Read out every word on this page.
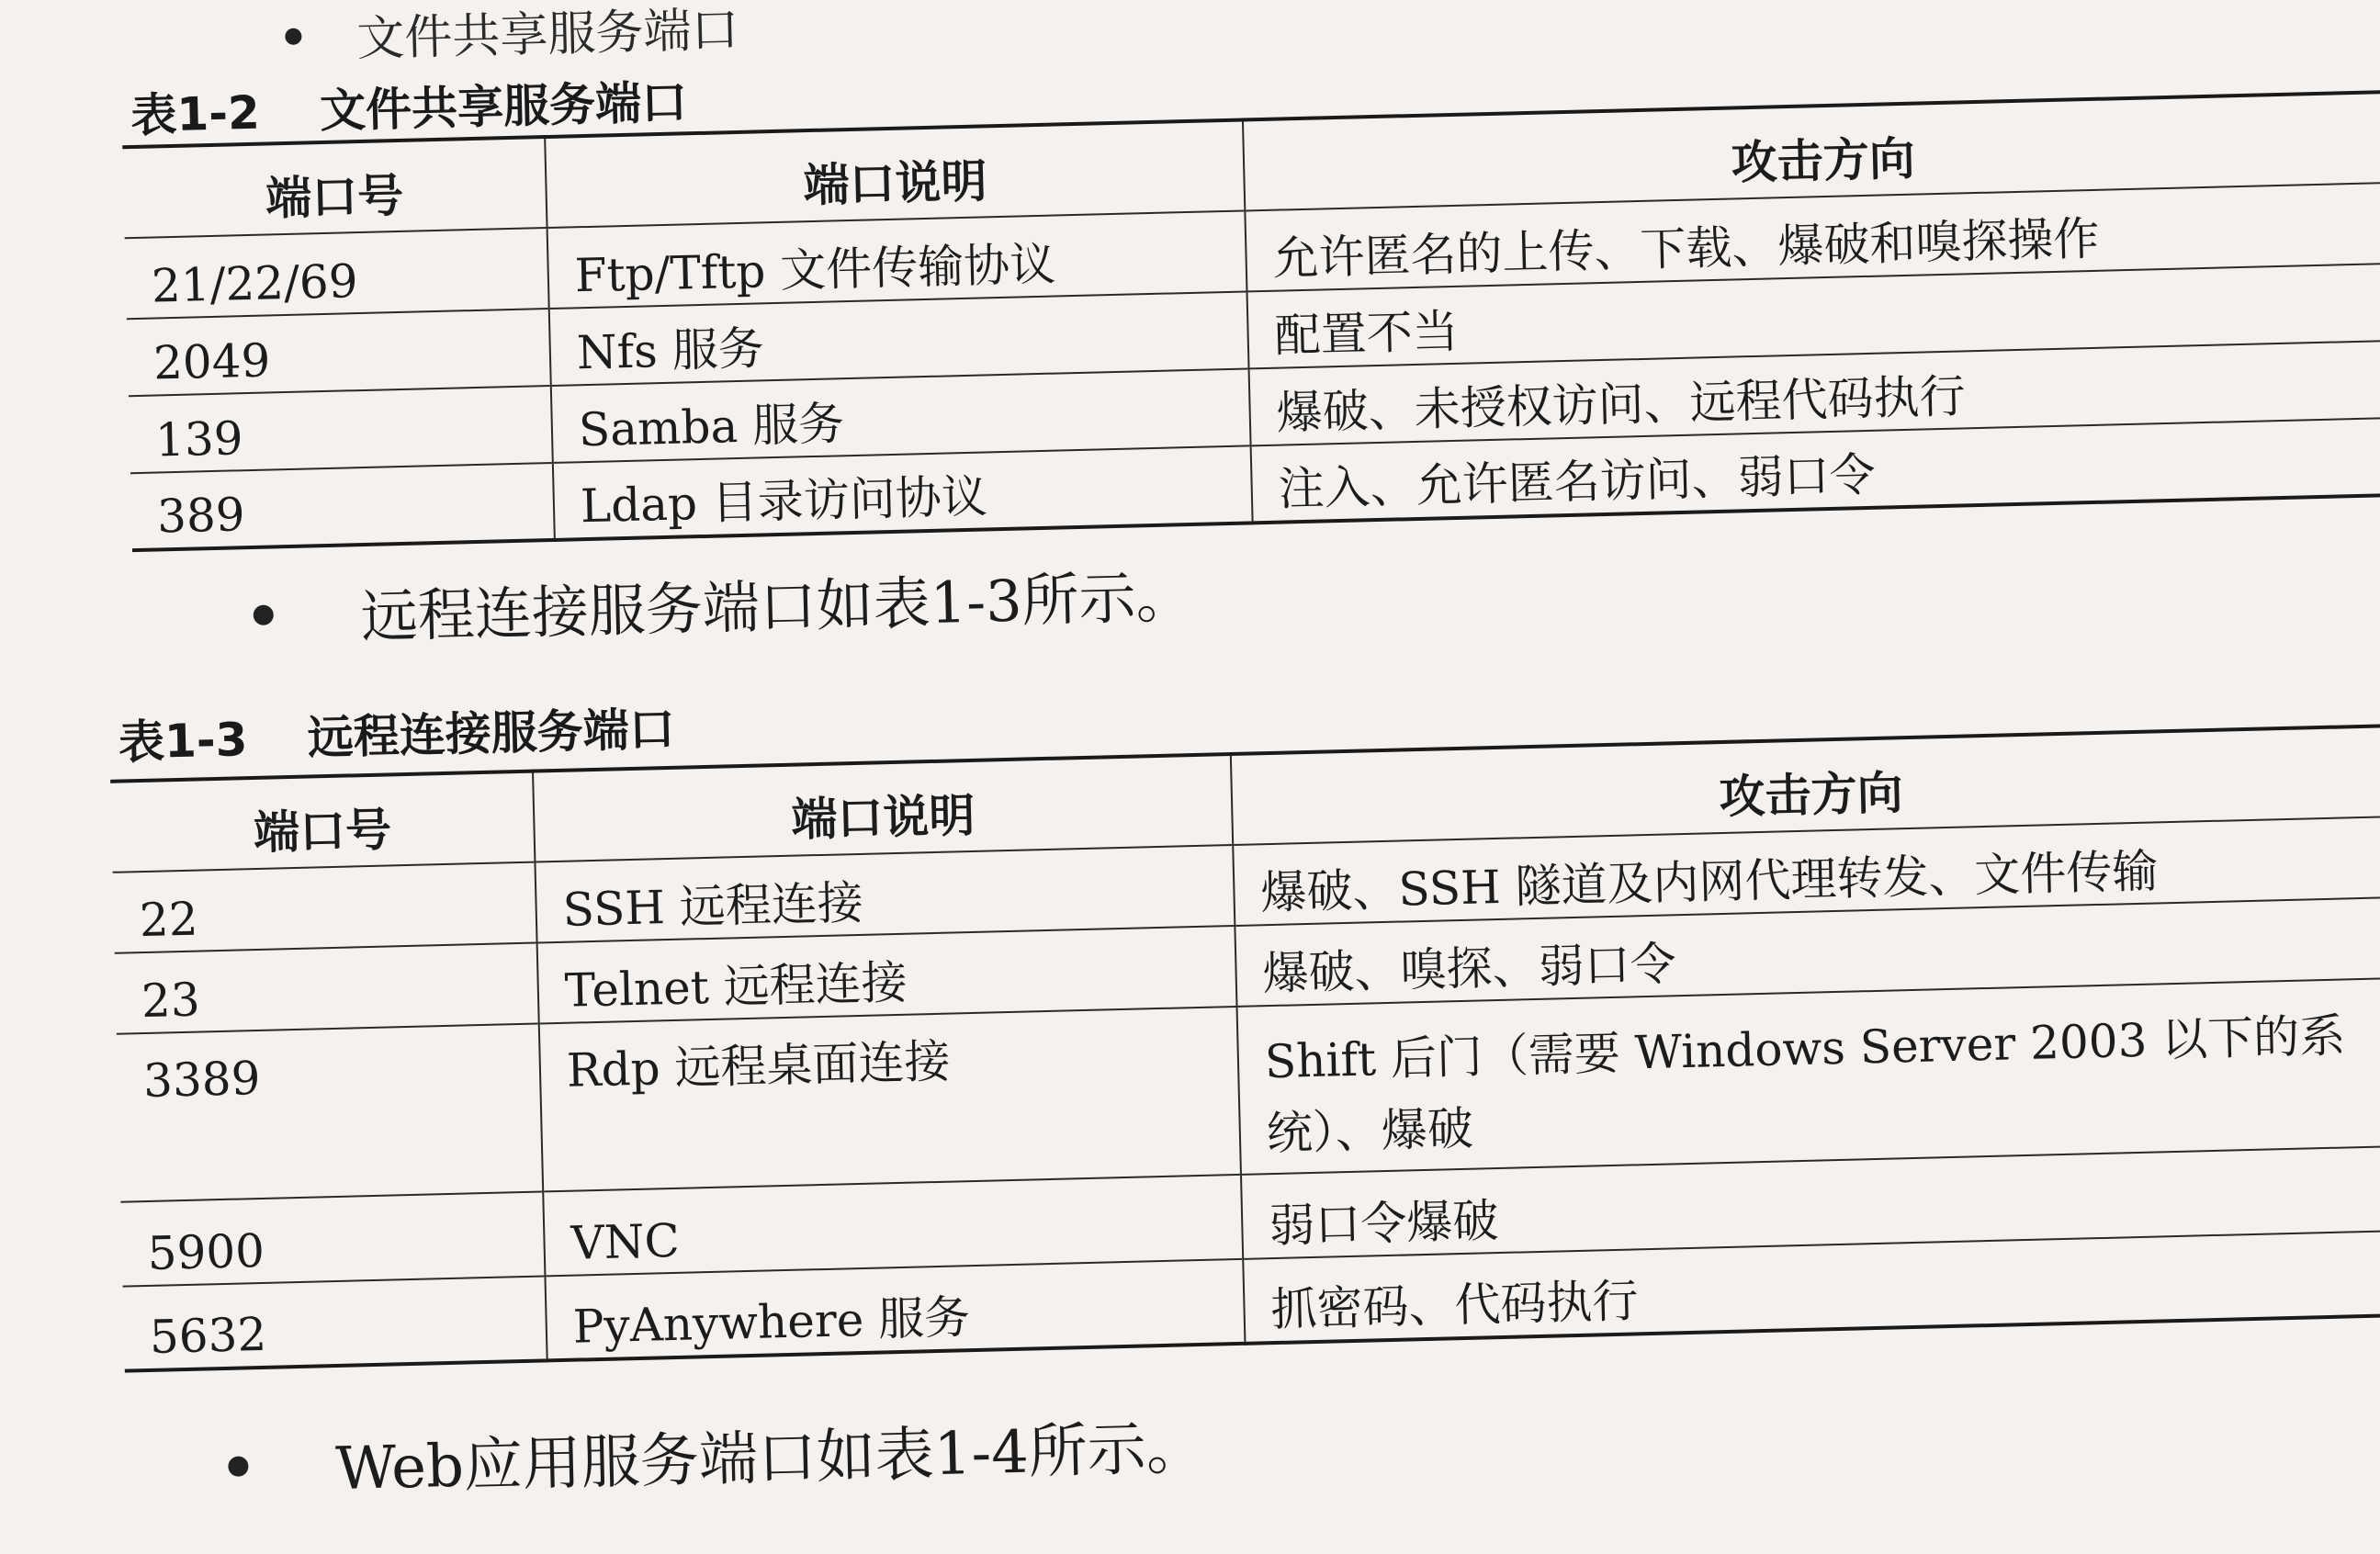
文件共享服务端口
表1-2 文件共享服务端口
端口号	端口说明	攻击方向
21/22/69	Ftp/Tftp 文件传输协议	允许匿名的上传、下载、爆破和嗅探操作
2049	Nfs 服务	配置不当
139	Samba 服务	爆破、未授权访问、远程代码执行
389	Ldap 目录访问协议	注入、允许匿名访问、弱口令
远程连接服务端口如表1-3所示。
表1-3 远程连接服务端口
端口号	端口说明	攻击方向
22	SSH 远程连接	爆破、SSH 隧道及内网代理转发、文件传输
23	Telnet 远程连接	爆破、嗅探、弱口令
3389	Rdp 远程桌面连接	Shift 后门（需要 Windows Server 2003 以下的系统）、爆破
5900	VNC	弱口令爆破
5632	PyAnywhere 服务	抓密码、代码执行
Web应用服务端口如表1-4所示。
